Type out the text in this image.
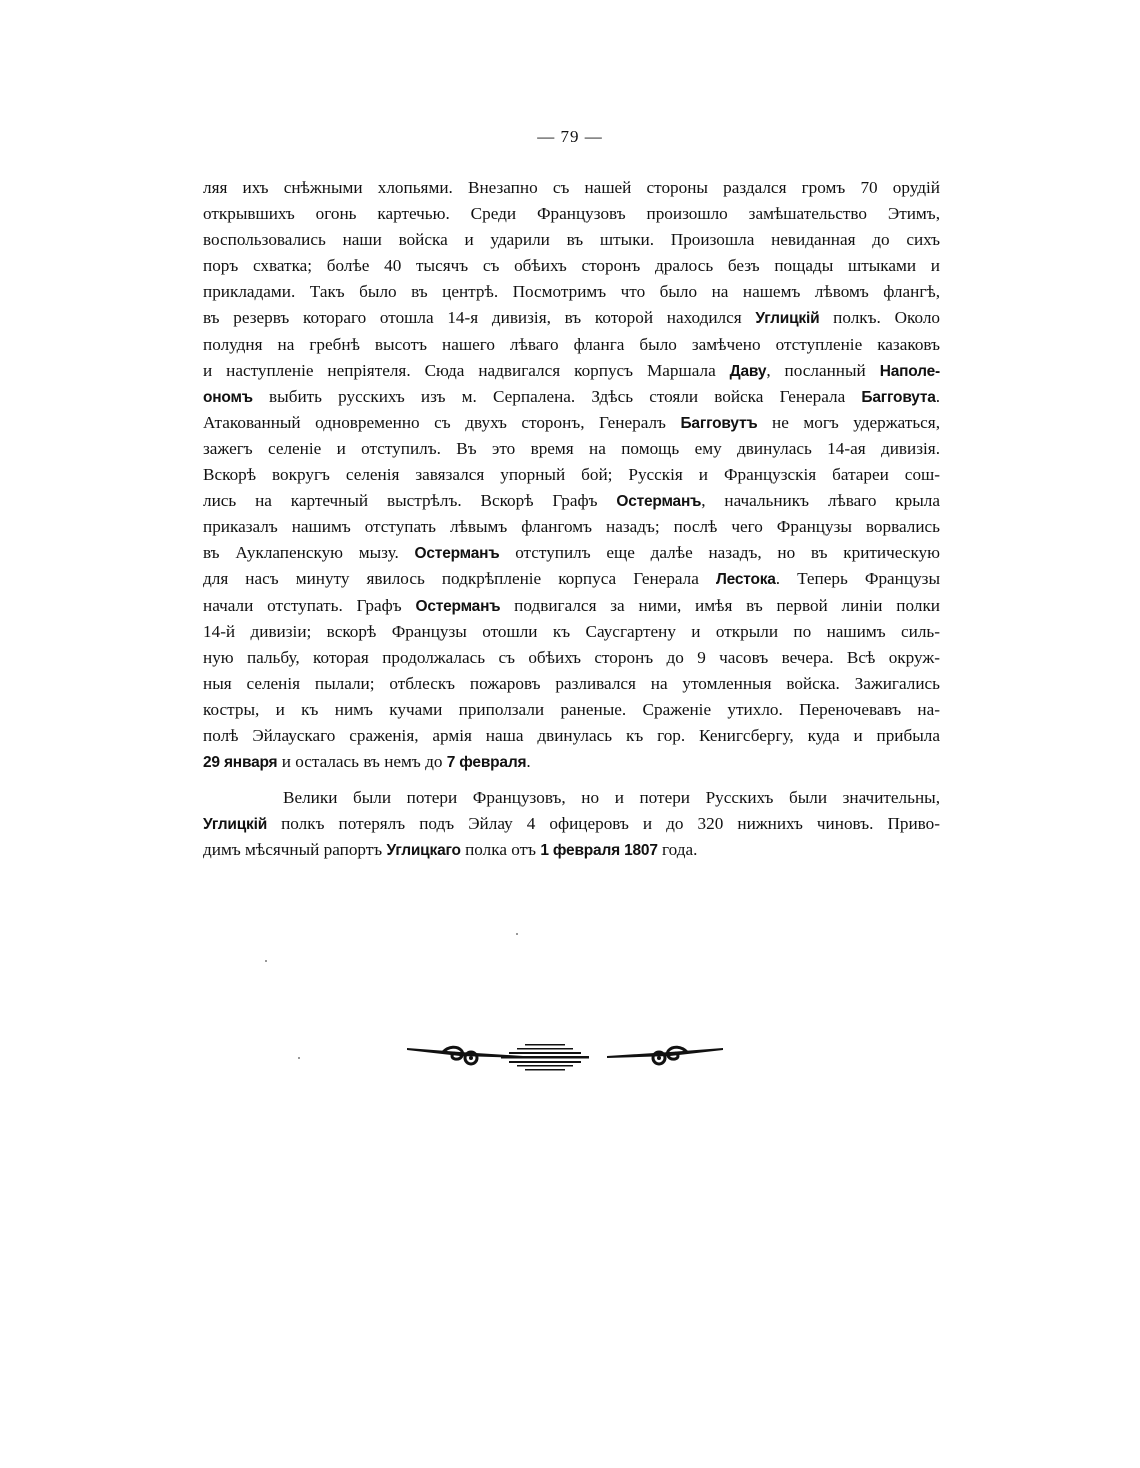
— 79 —
ляя ихъ снѣжными хлопьями. Внезапно съ нашей стороны раздался громъ 70 орудій
открывшихъ огонь картечью. Среди Французовъ произошло замѣшательство Этимъ,
воспользовались наши войска и ударили въ штыки. Произошла невиданная до сихъ
поръ схватка; болѣе 40 тысячъ съ обѣихъ сторонъ дралось безъ пощады штыками и
прикладами. Такъ было въ центрѣ. Посмотримъ что было на нашемъ лѣвомъ флангѣ,
въ резервъ котораго отошла 14-я дивизія, въ которой находился Углицкій полкъ. Около
полудня на гребнѣ высотъ нашего лѣваго фланга было замѣчено отступленіе казаковъ
и наступленіе непріятеля. Сюда надвигался корпусъ Маршала Даву, посланный Наполе-
ономъ выбить русскихъ изъ м. Серпалена. Здѣсь стояли войска Генерала Багговута.
Атакованный одновременно съ двухъ сторонъ, Генералъ Багговутъ не могъ удержаться,
зажегъ селеніе и отступилъ. Въ это время на помощь ему двинулась 14-ая дивизія.
Вскорѣ вокругъ селенія завязался упорный бой; Русскія и Французскія батареи сош-
лись на картечный выстрѣлъ. Вскорѣ Графъ Остерманъ, начальникъ лѣваго крыла
приказалъ нашимъ отступать лѣвымъ флангомъ назадъ; послѣ чего Французы ворвались
въ Ауклапенскую мызу. Остерманъ отступилъ еще далѣе назадъ, но въ критическую
для насъ минуту явилось подкрѣпленіе корпуса Генерала Лестока. Теперь Французы
начали отступать. Графъ Остерманъ подвигался за ними, имѣя въ первой линіи полки
14-й дивизіи; вскорѣ Французы отошли къ Саусгартену и открыли по нашимъ силь-
ную пальбу, которая продолжалась съ обѣихъ сторонъ до 9 часовъ вечера. Всѣ окруж-
ныя селенія пылали; отблескъ пожаровъ разливался на утомленныя войска. Зажигались
костры, и къ нимъ кучами приползали раненые. Сраженіе утихло. Переночевавъ на-
полѣ Эйлаускаго сраженія, армія наша двинулась къ гор. Кенигсбергу, куда и прибыла
29 января и осталась въ немъ до 7 февраля.
Велики были потери Французовъ, но и потери Русскихъ были значительны,
Углицкій полкъ потерялъ подъ Эйлау 4 офицеровъ и до 320 нижнихъ чиновъ. Приво-
димъ мѣсячный рапортъ Углицкаго полка отъ 1 февраля 1807 года.
